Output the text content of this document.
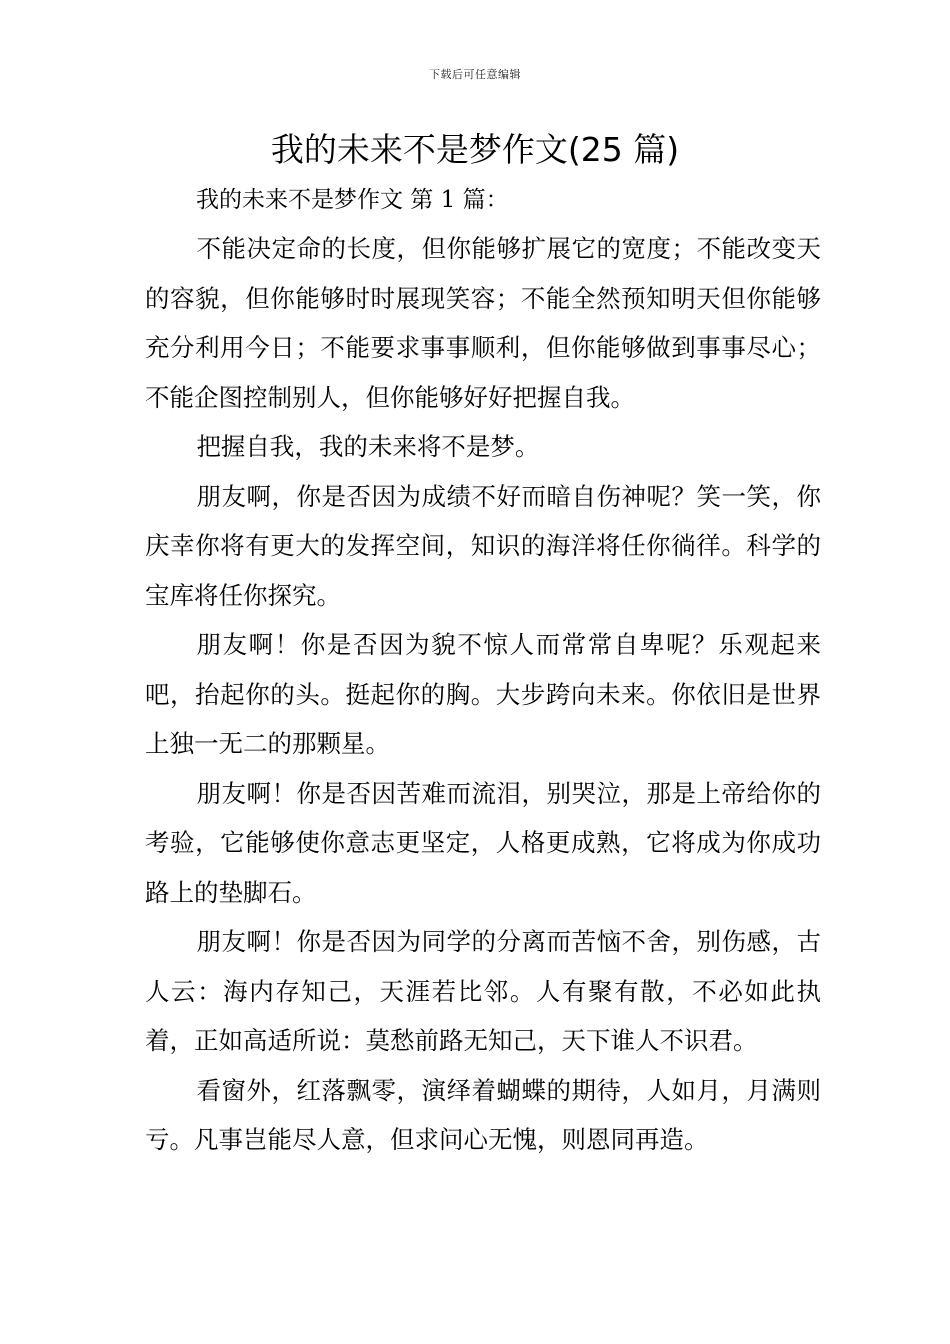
下载后可任意编辑
我的未来不是梦作文(25 篇)

我的未来不是梦作文 第 1 篇：

不能决定命的长度，但你能够扩展它的宽度；不能改变天的容貌，但你能够时时展现笑容；不能全然预知明天但你能够充分利用今日；不能要求事事顺利，但你能够做到事事尽心；不能企图控制别人，但你能够好好把握自我。

把握自我，我的未来将不是梦。

朋友啊，你是否因为成绩不好而暗自伤神呢？笑一笑，你庆幸你将有更大的发挥空间，知识的海洋将任你徜徉。科学的宝库将任你探究。

朋友啊！你是否因为貌不惊人而常常自卑呢？乐观起来吧，抬起你的头。挺起你的胸。大步跨向未来。你依旧是世界上独一无二的那颗星。

朋友啊！你是否因苦难而流泪，别哭泣，那是上帝给你的考验，它能够使你意志更坚定，人格更成熟，它将成为你成功路上的垫脚石。

朋友啊！你是否因为同学的分离而苦恼不舍，别伤感，古人云：海内存知己，天涯若比邻。人有聚有散，不必如此执着，正如高适所说：莫愁前路无知己，天下谁人不识君。

看窗外，红落飘零，演绎着蝴蝶的期待，人如月，月满则亏。凡事岂能尽人意，但求问心无愧，则恩同再造。
